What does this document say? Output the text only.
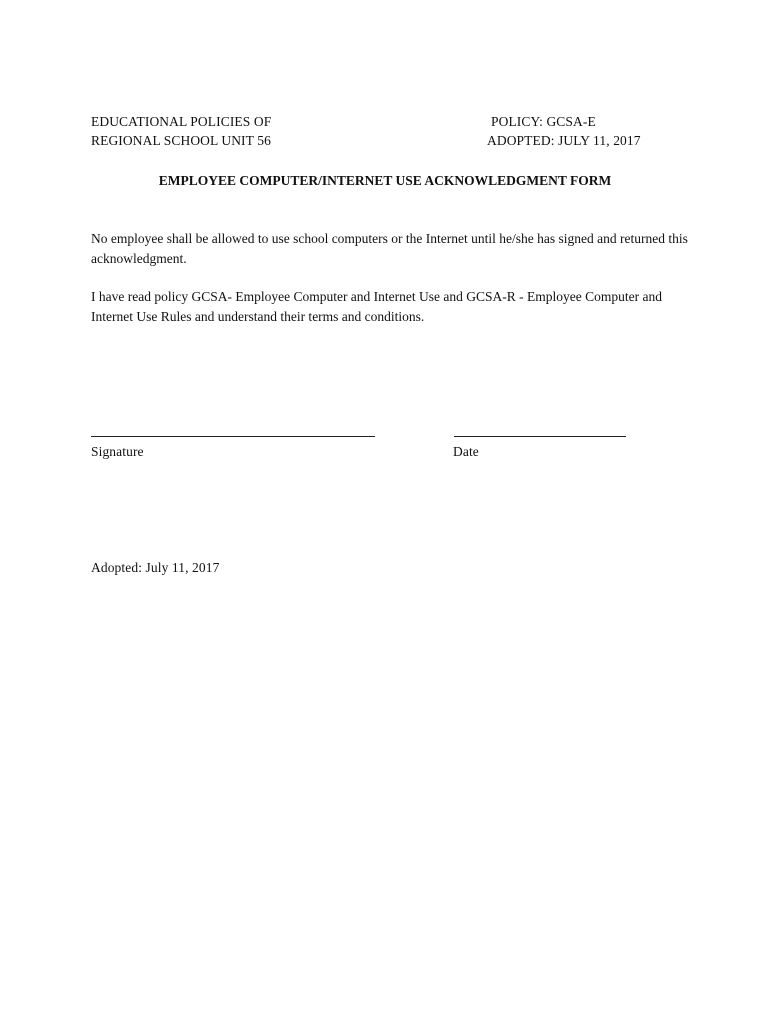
EDUCATIONAL POLICIES OF
REGIONAL SCHOOL UNIT 56
POLICY: GCSA-E
ADOPTED: JULY 11, 2017
EMPLOYEE COMPUTER/INTERNET USE ACKNOWLEDGMENT FORM
No employee shall be allowed to use school computers or the Internet until he/she has signed and returned this acknowledgment.
I have read policy GCSA- Employee Computer and Internet Use and GCSA-R - Employee Computer and Internet Use Rules and understand their terms and conditions.
Signature	Date
Adopted: July 11, 2017
